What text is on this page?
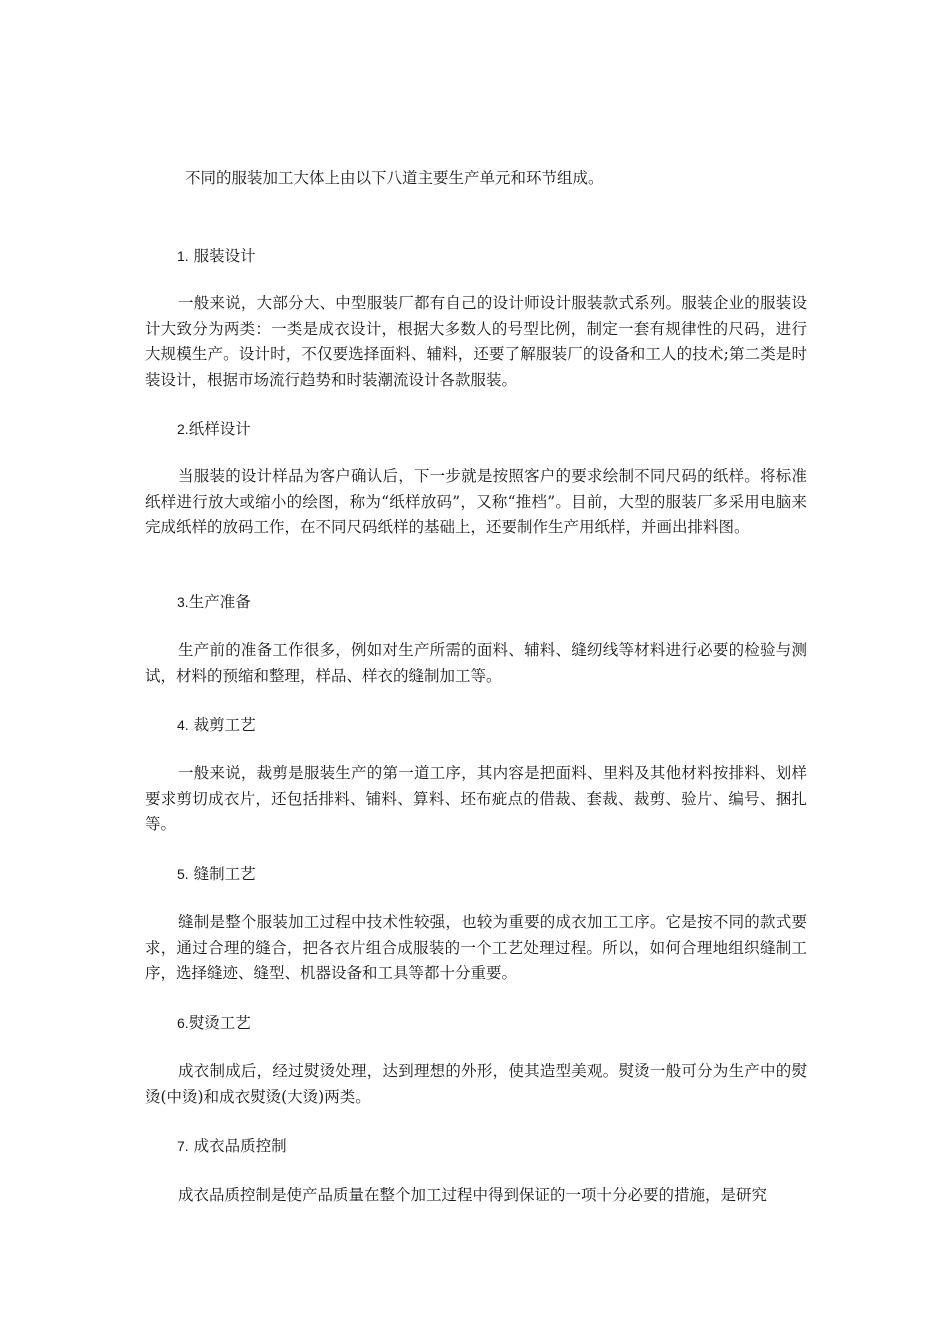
不同的服装加工大体上由以下八道主要生产单元和环节组成。
1. 服装设计

一般来说，大部分大、中型服装厂都有自己的设计师设计服装款式系列。服装企业的服装设计大致分为两类：一类是成衣设计，根据大多数人的号型比例，制定一套有规律性的尺码，进行大规模生产。设计时，不仅要选择面料、辅料，还要了解服装厂的设备和工人的技术;第二类是时装设计，根据市场流行趋势和时装潮流设计各款服装。

2.纸样设计

当服装的设计样品为客户确认后，下一步就是按照客户的要求绘制不同尺码的纸样。将标准纸样进行放大或缩小的绘图，称为“纸样放码”，又称“推档”。目前，大型的服装厂多采用电脑来完成纸样的放码工作，在不同尺码纸样的基础上，还要制作生产用纸样，并画出排料图。

3.生产准备

生产前的准备工作很多，例如对生产所需的面料、辅料、缝纫线等材料进行必要的检验与测试，材料的预缩和整理，样品、样衣的缝制加工等。

4. 裁剪工艺

一般来说，裁剪是服装生产的第一道工序，其内容是把面料、里料及其他材料按排料、划样要求剪切成衣片，还包括排料、铺料、算料、坯布疵点的借裁、套裁、裁剪、验片、编号、捆扎等。

5. 缝制工艺

缝制是整个服装加工过程中技术性较强，也较为重要的成衣加工工序。它是按不同的款式要求，通过合理的缝合，把各衣片组合成服装的一个工艺处理过程。所以，如何合理地组织缝制工序，选择缝迹、缝型、机器设备和工具等都十分重要。

6.熨烫工艺

成衣制成后，经过熨烫处理，达到理想的外形，使其造型美观。熨烫一般可分为生产中的熨烫(中烫)和成衣熨烫(大烫)两类。

7. 成衣品质控制

成衣品质控制是使产品质量在整个加工过程中得到保证的一项十分必要的措施，是研究
